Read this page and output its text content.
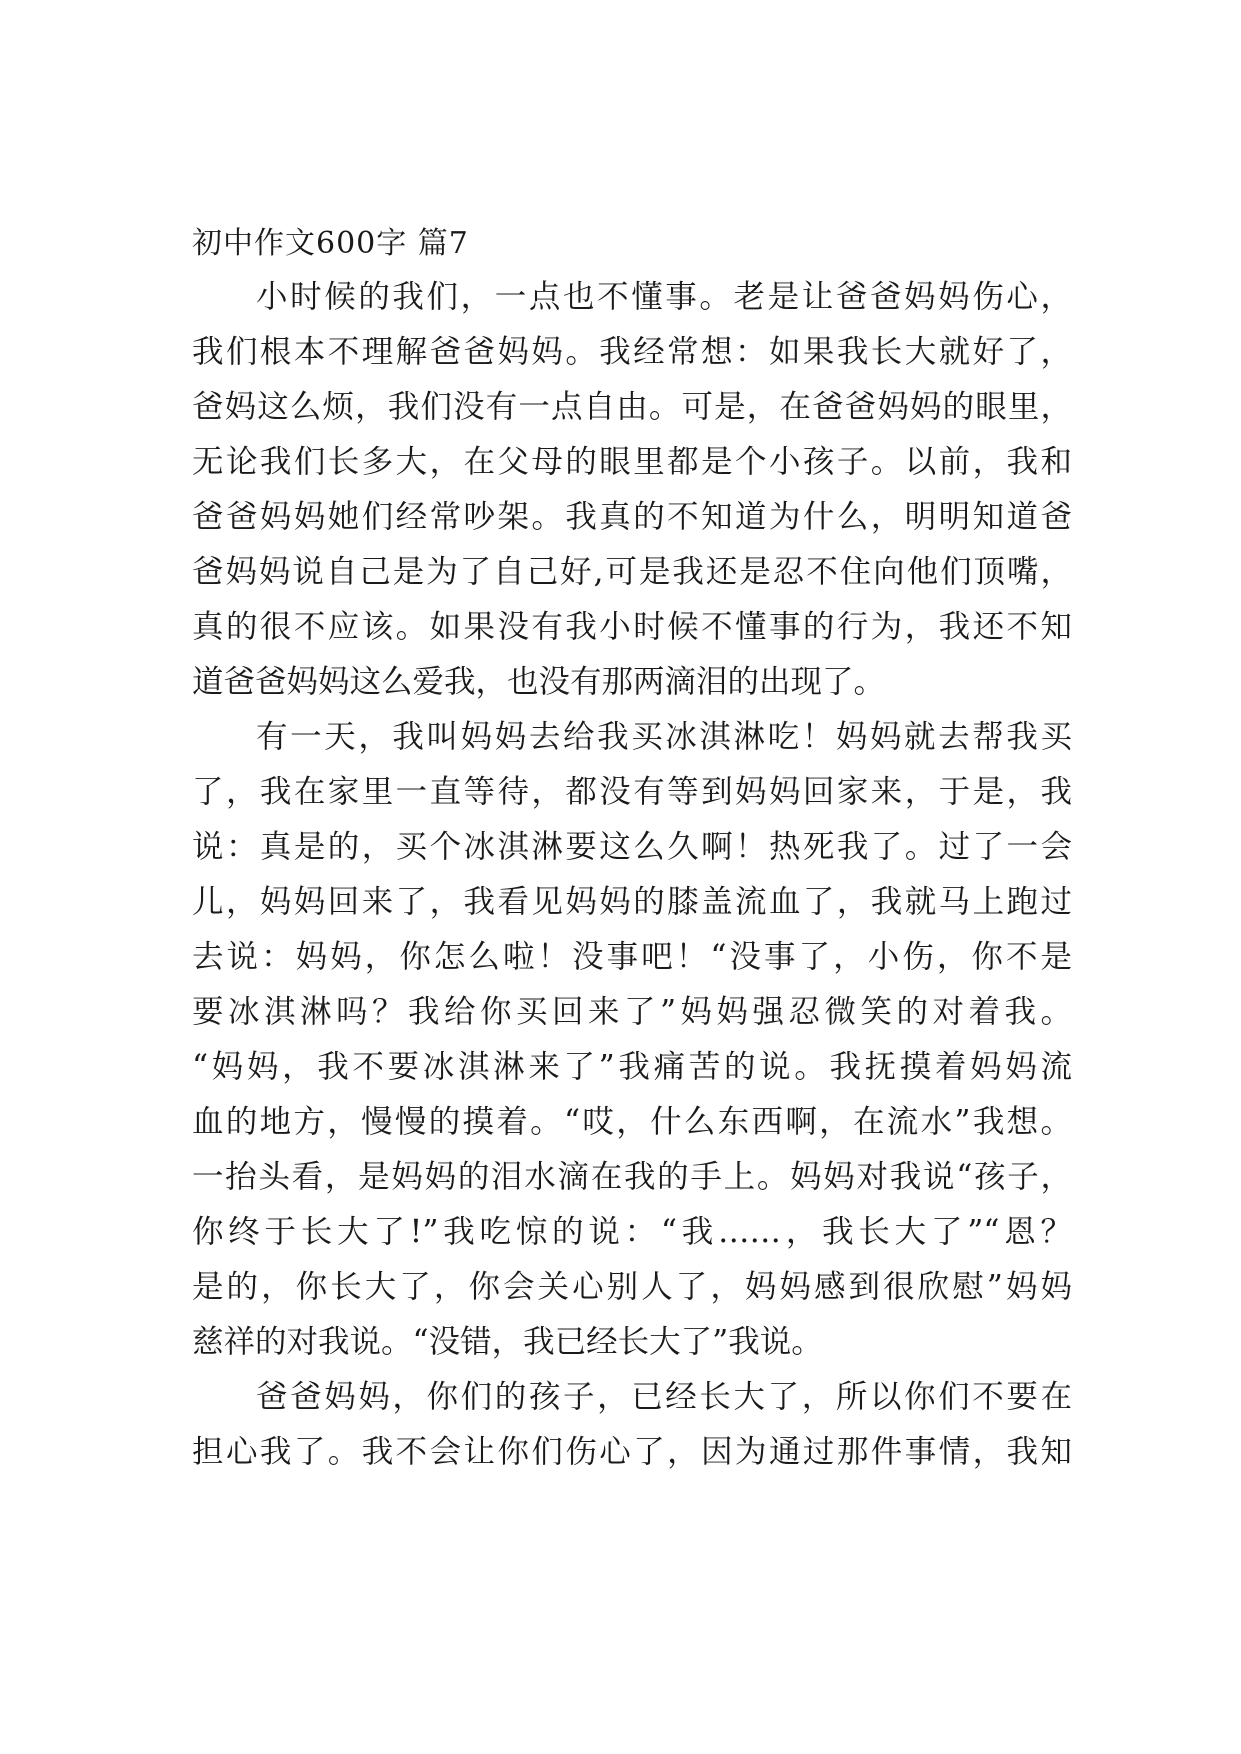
初中作文600字 篇7
小时候的我们，一点也不懂事。老是让爸爸妈妈伤心，
我们根本不理解爸爸妈妈。我经常想：如果我长大就好了，
爸妈这么烦，我们没有一点自由。可是，在爸爸妈妈的眼里，
无论我们长多大，在父母的眼里都是个小孩子。以前，我和
爸爸妈妈她们经常吵架。我真的不知道为什么，明明知道爸
爸妈妈说自己是为了自己好,可是我还是忍不住向他们顶嘴，
真的很不应该。如果没有我小时候不懂事的行为，我还不知
道爸爸妈妈这么爱我，也没有那两滴泪的出现了。
有一天，我叫妈妈去给我买冰淇淋吃！妈妈就去帮我买
了，我在家里一直等待，都没有等到妈妈回家来，于是，我
说：真是的，买个冰淇淋要这么久啊！热死我了。过了一会
儿，妈妈回来了，我看见妈妈的膝盖流血了，我就马上跑过
去说：妈妈，你怎么啦！没事吧！“没事了，小伤，你不是
要冰淇淋吗？我给你买回来了”妈妈强忍微笑的对着我。
“妈妈，我不要冰淇淋来了”我痛苦的说。我抚摸着妈妈流
血的地方，慢慢的摸着。“哎，什么东西啊，在流水”我想。
一抬头看，是妈妈的泪水滴在我的手上。妈妈对我说“孩子，
你终于长大了!”我吃惊的说：“我……，我长大了”“恩？
是的，你长大了，你会关心别人了，妈妈感到很欣慰”妈妈
慈祥的对我说。“没错，我已经长大了”我说。
爸爸妈妈，你们的孩子，已经长大了，所以你们不要在
担心我了。我不会让你们伤心了，因为通过那件事情，我知
